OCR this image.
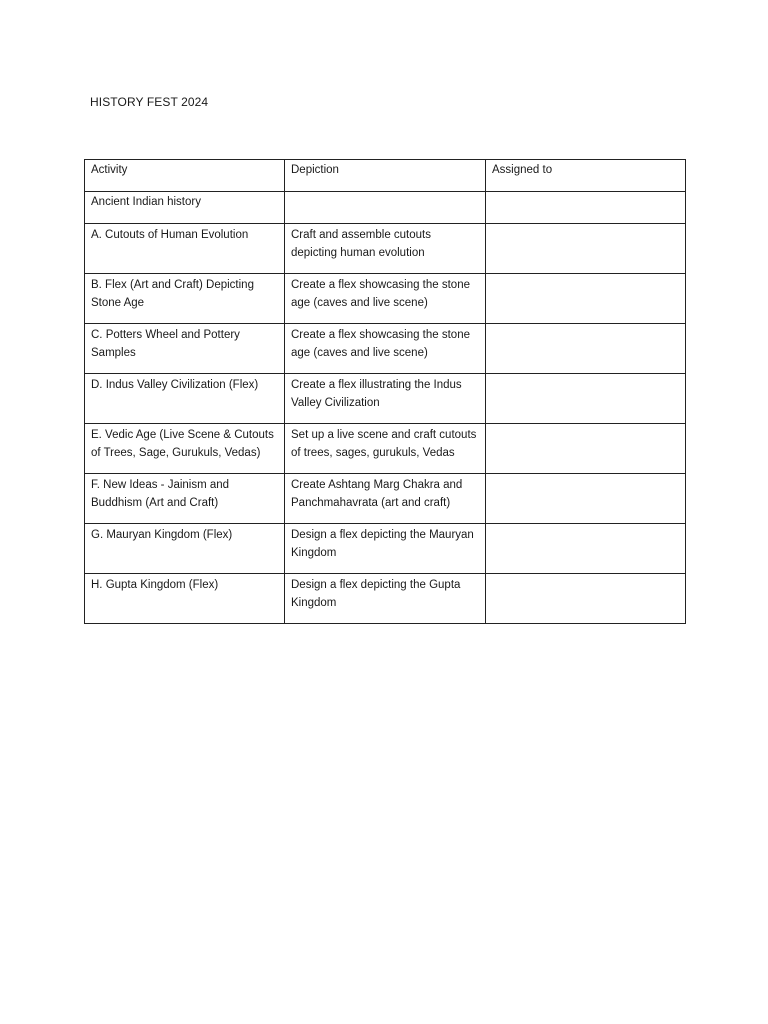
HISTORY FEST 2024
Activity	Depiction	Assigned to
Ancient Indian history		
A. Cutouts of Human Evolution	Craft and assemble cutouts depicting human evolution	
B. Flex (Art and Craft) Depicting Stone Age	Create a flex showcasing the stone age (caves and live scene)	
C. Potters Wheel and Pottery Samples	Create a flex showcasing the stone age (caves and live scene)	
D. Indus Valley Civilization (Flex)	Create a flex illustrating the Indus Valley Civilization	
E. Vedic Age (Live Scene & Cutouts of Trees, Sage, Gurukuls, Vedas)	Set up a live scene and craft cutouts of trees, sages, gurukuls, Vedas	
F. New Ideas - Jainism and Buddhism (Art and Craft)	Create Ashtang Marg Chakra and Panchmahavrata (art and craft)	
G. Mauryan Kingdom (Flex)	Design a flex depicting the Mauryan Kingdom	
H. Gupta Kingdom (Flex)	Design a flex depicting the Gupta Kingdom	
